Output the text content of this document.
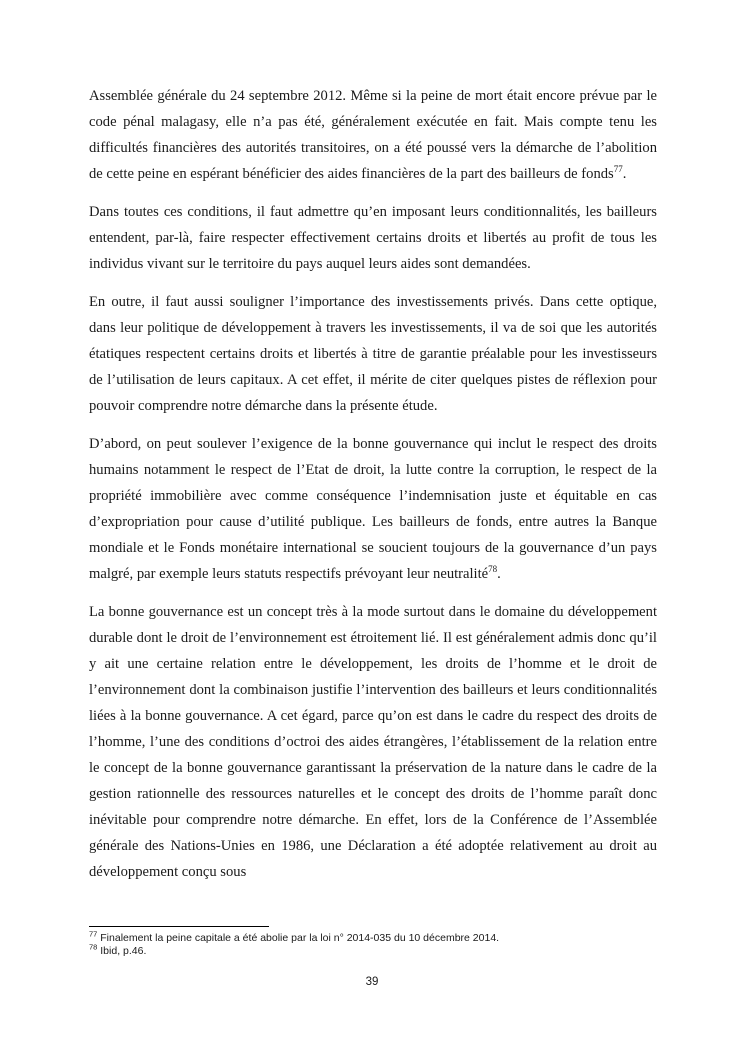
Assemblée générale du 24 septembre 2012. Même si la peine de mort était encore prévue par le code pénal malagasy, elle n’a pas été, généralement exécutée en fait. Mais compte tenu les difficultés financières des autorités transitoires, on a été poussé vers la démarche de l’abolition de cette peine en espérant bénéficier des aides financières de la part des bailleurs de fonds$^{77}$.

Dans toutes ces conditions, il faut admettre qu’en imposant leurs conditionnalités, les bailleurs entendent, par-là, faire respecter effectivement certains droits et libertés au profit de tous les individus vivant sur le territoire du pays auquel leurs aides sont demandées.

En outre, il faut aussi souligner l’importance des investissements privés. Dans cette optique, dans leur politique de développement à travers les investissements, il va de soi que les autorités étatiques respectent certains droits et libertés à titre de garantie préalable pour les investisseurs de l’utilisation de leurs capitaux. A cet effet, il mérite de citer quelques pistes de réflexion pour pouvoir comprendre notre démarche dans la présente étude.

D’abord, on peut soulever l’exigence de la bonne gouvernance qui inclut le respect des droits humains notamment le respect de l’Etat de droit, la lutte contre la corruption, le respect de la propriété immobilière avec comme conséquence l’indemnisation juste et équitable en cas d’expropriation pour cause d’utilité publique. Les bailleurs de fonds, entre autres la Banque mondiale et le Fonds monétaire international se soucient toujours de la gouvernance d’un pays malgré, par exemple leurs statuts respectifs prévoyant leur neutralité$^{78}$.

La bonne gouvernance est un concept très à la mode surtout dans le domaine du développement durable dont le droit de l’environnement est étroitement lié. Il est généralement admis donc qu’il y ait une certaine relation entre le développement, les droits de l’homme et le droit de l’environnement dont la combinaison justifie l’intervention des bailleurs et leurs conditionnalités liées à la bonne gouvernance. A cet égard, parce qu’on est dans le cadre du respect des droits de l’homme, l’une des conditions d’octroi des aides étrangères, l’établissement de la relation entre le concept de la bonne gouvernance garantissant la préservation de la nature dans le cadre de la gestion rationnelle des ressources naturelles et le concept des droits de l’homme paraît donc inévitable pour comprendre notre démarche. En effet, lors de la Conférence de l’Assemblée générale des Nations-Unies en 1986, une Déclaration a été adoptée relativement au droit au développement conçu sous

$^{77}$ Finalement la peine capitale a été abolie par la loi n° 2014-035 du 10 décembre 2014.

$^{78}$ Ibid, p.46.

39
